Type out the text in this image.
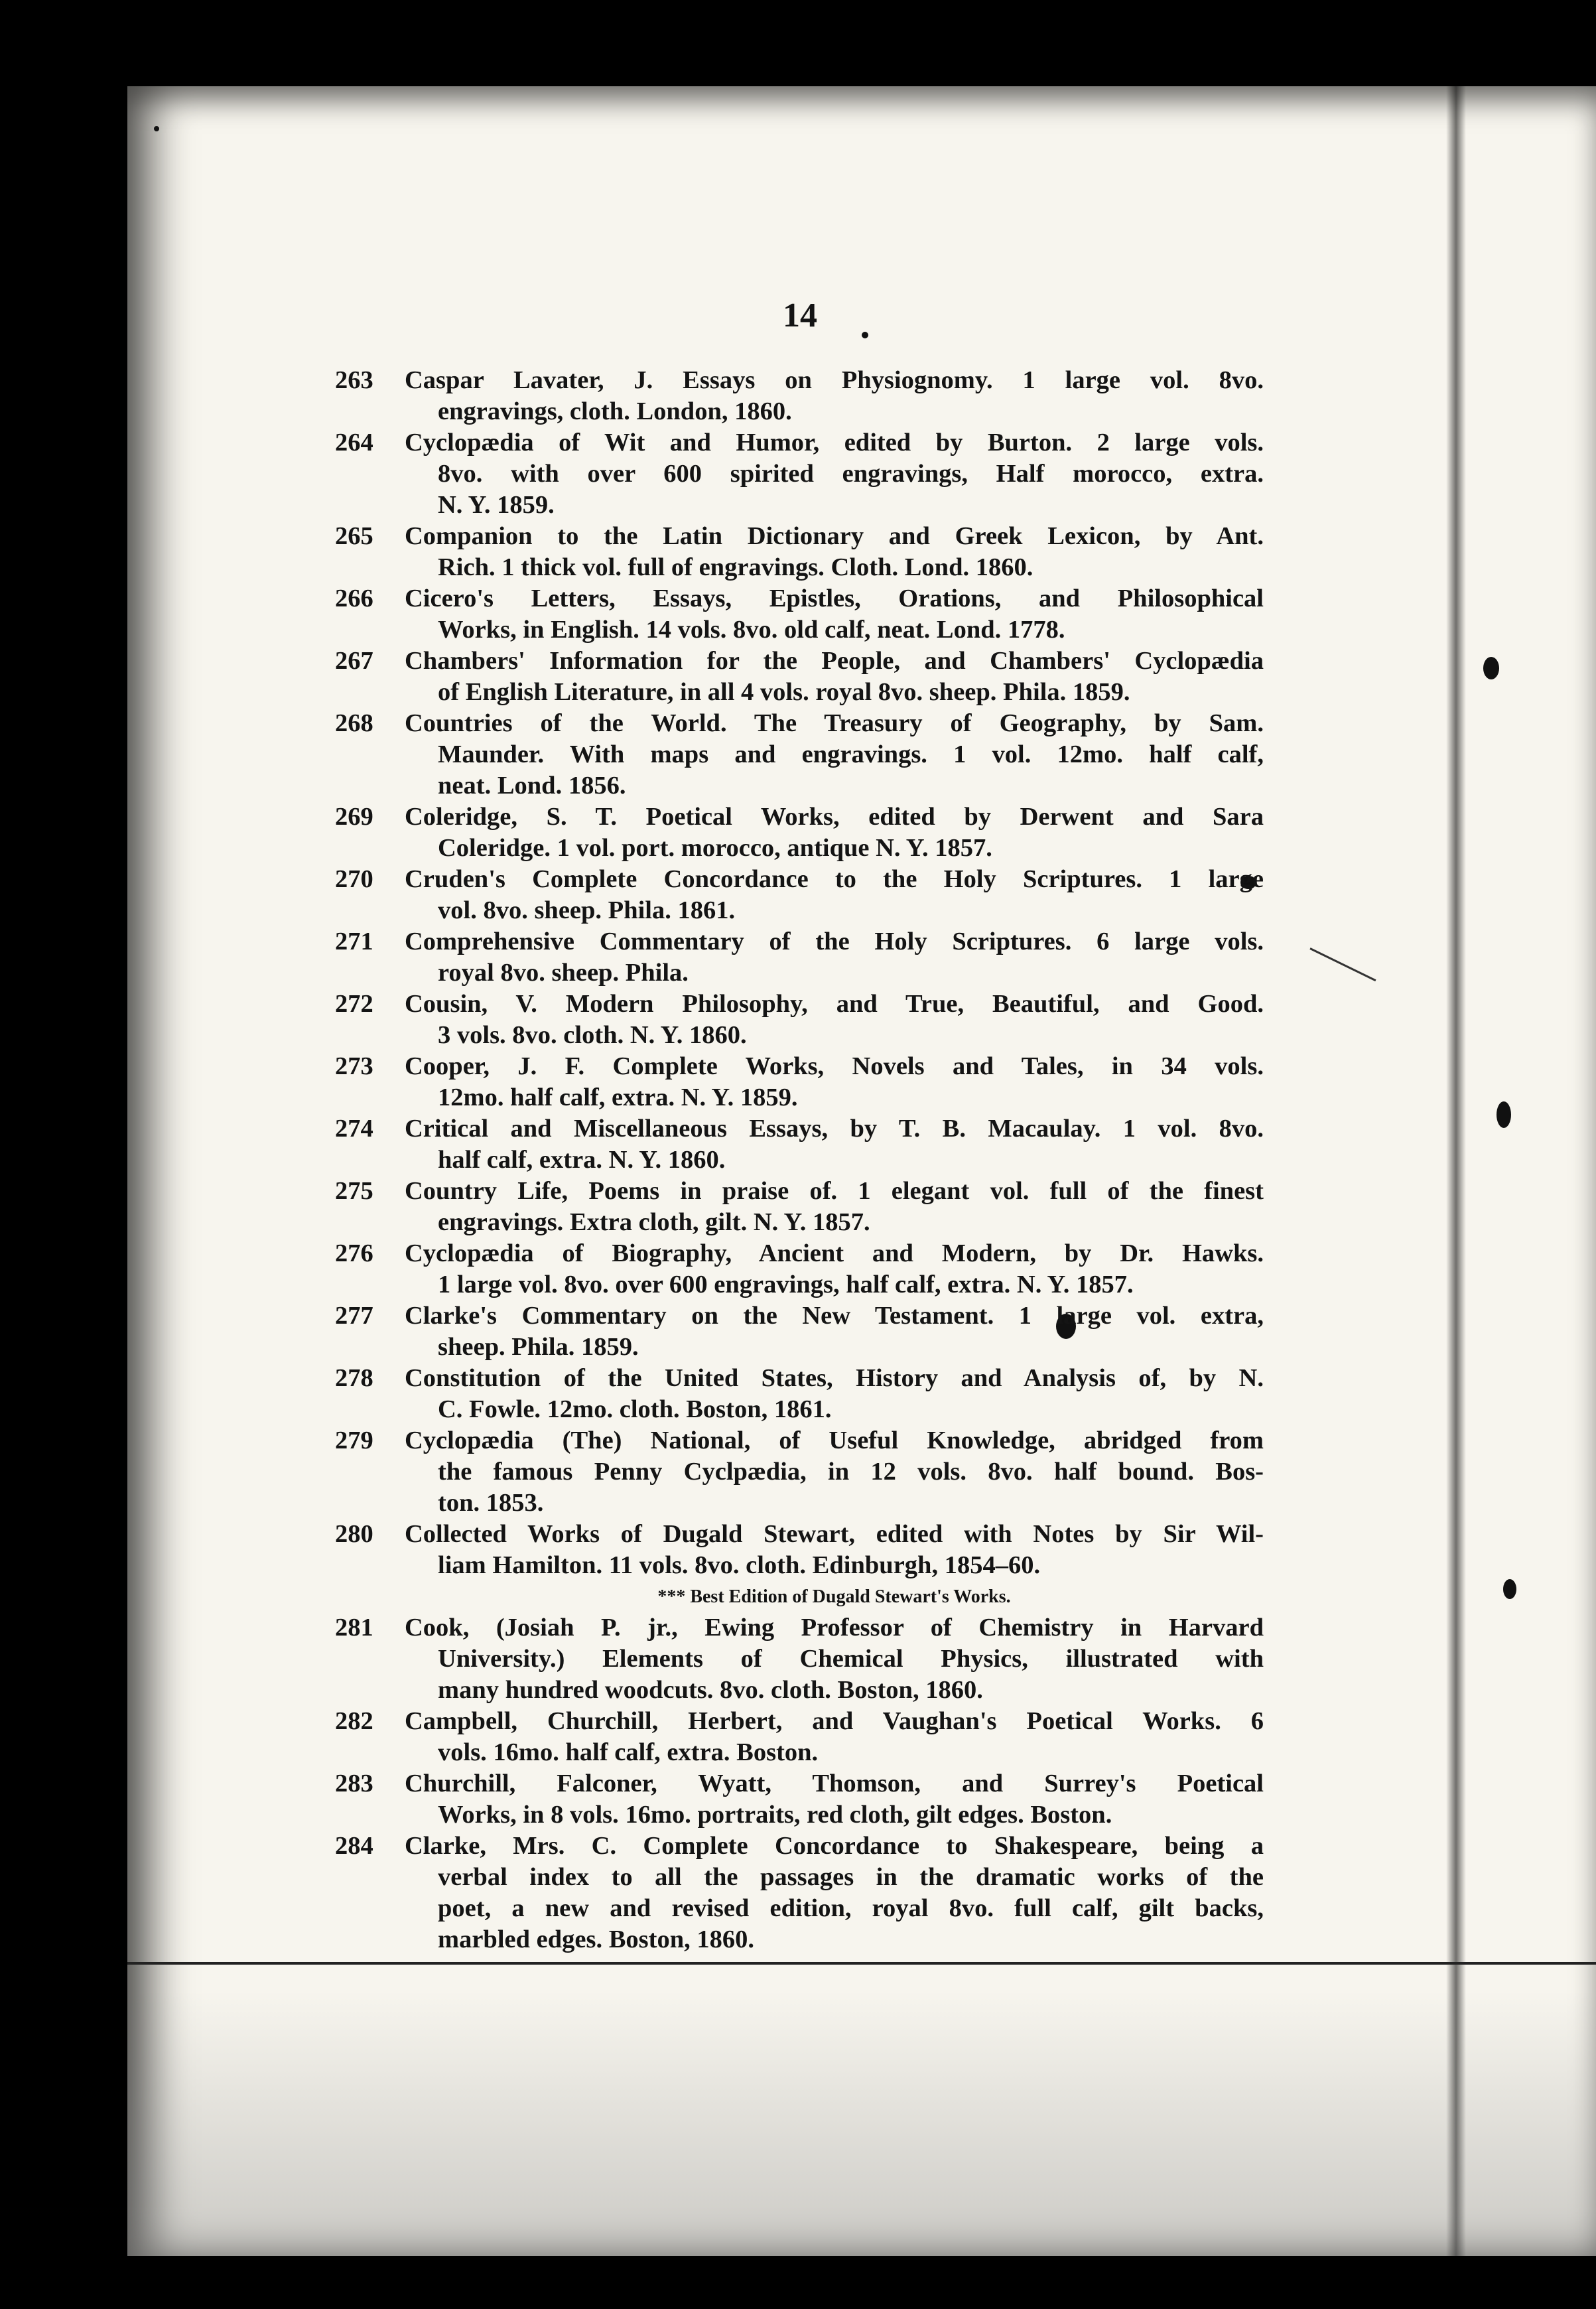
14
263	Caspar Lavater, J. Essays on Physiognomy. 1 large vol. 8vo.
engravings, cloth. London, 1860.
264	Cyclopædia of Wit and Humor, edited by Burton. 2 large vols.
8vo. with over 600 spirited engravings, Half morocco, extra.
N. Y. 1859.
265	Companion to the Latin Dictionary and Greek Lexicon, by Ant.
Rich. 1 thick vol. full of engravings. Cloth. Lond. 1860.
266	Cicero's Letters, Essays, Epistles, Orations, and Philosophical
Works, in English. 14 vols. 8vo. old calf, neat. Lond. 1778.
267	Chambers' Information for the People, and Chambers' Cyclopædia
of English Literature, in all 4 vols. royal 8vo. sheep. Phila. 1859.
268	Countries of the World. The Treasury of Geography, by Sam.
Maunder. With maps and engravings. 1 vol. 12mo. half calf,
neat. Lond. 1856.
269	Coleridge, S. T. Poetical Works, edited by Derwent and Sara
Coleridge. 1 vol. port. morocco, antique N. Y. 1857.
270	Cruden's Complete Concordance to the Holy Scriptures. 1 large
vol. 8vo. sheep. Phila. 1861.
271	Comprehensive Commentary of the Holy Scriptures. 6 large vols.
royal 8vo. sheep. Phila.
272	Cousin, V. Modern Philosophy, and True, Beautiful, and Good.
3 vols. 8vo. cloth. N. Y. 1860.
273	Cooper, J. F. Complete Works, Novels and Tales, in 34 vols.
12mo. half calf, extra. N. Y. 1859.
274	Critical and Miscellaneous Essays, by T. B. Macaulay. 1 vol. 8vo.
half calf, extra. N. Y. 1860.
275	Country Life, Poems in praise of. 1 elegant vol. full of the finest
engravings. Extra cloth, gilt. N. Y. 1857.
276	Cyclopædia of Biography, Ancient and Modern, by Dr. Hawks.
1 large vol. 8vo. over 600 engravings, half calf, extra. N. Y. 1857.
277	Clarke's Commentary on the New Testament. 1 large vol. extra,
sheep. Phila. 1859.
278	Constitution of the United States, History and Analysis of, by N.
C. Fowle. 12mo. cloth. Boston, 1861.
279	Cyclopædia (The) National, of Useful Knowledge, abridged from
the famous Penny Cyclpædia, in 12 vols. 8vo. half bound. Bos-
ton. 1853.
280	Collected Works of Dugald Stewart, edited with Notes by Sir Wil-
liam Hamilton. 11 vols. 8vo. cloth. Edinburgh, 1854–60.
*** Best Edition of Dugald Stewart's Works.
281	Cook, (Josiah P. jr., Ewing Professor of Chemistry in Harvard
University.) Elements of Chemical Physics, illustrated with
many hundred woodcuts. 8vo. cloth. Boston, 1860.
282	Campbell, Churchill, Herbert, and Vaughan's Poetical Works. 6
vols. 16mo. half calf, extra. Boston.
283	Churchill, Falconer, Wyatt, Thomson, and Surrey's Poetical
Works, in 8 vols. 16mo. portraits, red cloth, gilt edges. Boston.
284	Clarke, Mrs. C. Complete Concordance to Shakespeare, being a
verbal index to all the passages in the dramatic works of the
poet, a new and revised edition, royal 8vo. full calf, gilt backs,
marbled edges. Boston, 1860.
